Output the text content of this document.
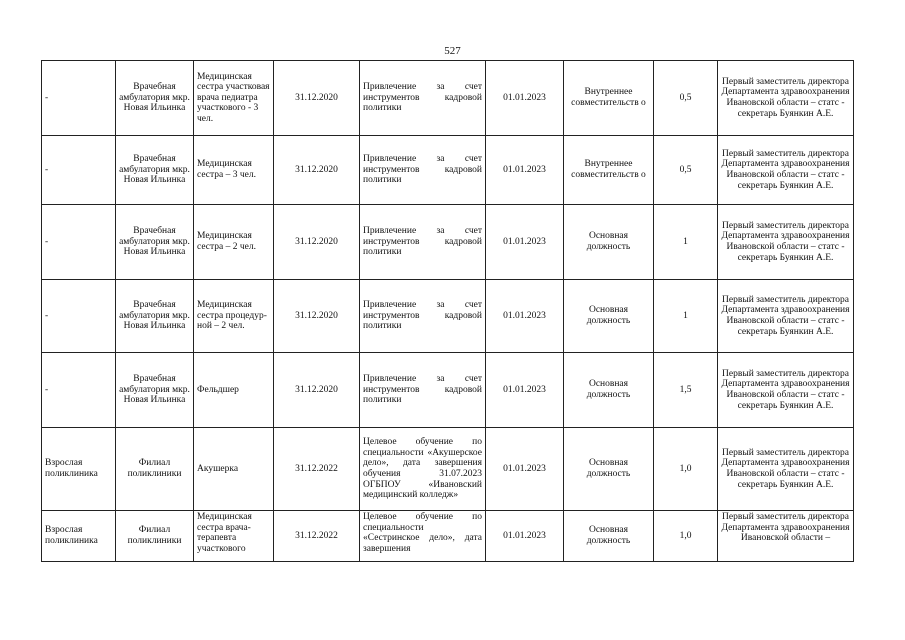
527
-	Врачебная амбулатория мкр. Новая Ильинка	Медицинская сестра участковая врача педиатра участкового - 3 чел.	31.12.2020	Привлечение за счет инструментов кадровой политики	01.01.2023	Внутреннее совместительств о	0,5	Первый заместитель директора Департамента здравоохранения Ивановской области – статс - секретарь Буянкин А.Е.
-	Врачебная амбулатория мкр. Новая Ильинка	Медицинская сестра – 3 чел.	31.12.2020	Привлечение за счет инструментов кадровой политики	01.01.2023	Внутреннее совместительств о	0,5	Первый заместитель директора Департамента здравоохранения Ивановской области – статс - секретарь Буянкин А.Е.
-	Врачебная амбулатория мкр. Новая Ильинка	Медицинская сестра – 2 чел.	31.12.2020	Привлечение за счет инструментов кадровой политики	01.01.2023	Основная должность	1	Первый заместитель директора Департамента здравоохранения Ивановской области – статс - секретарь Буянкин А.Е.
-	Врачебная амбулатория мкр. Новая Ильинка	Медицинская сестра процедур-ной – 2 чел.	31.12.2020	Привлечение за счет инструментов кадровой политики	01.01.2023	Основная должность	1	Первый заместитель директора Департамента здравоохранения Ивановской области – статс - секретарь Буянкин А.Е.
-	Врачебная амбулатория мкр. Новая Ильинка	Фельдшер	31.12.2020	Привлечение за счет инструментов кадровой политики	01.01.2023	Основная должность	1,5	Первый заместитель директора Департамента здравоохранения Ивановской области – статс - секретарь Буянкин А.Е.
Взрослая поликлиника	Филиал поликлиники	Акушерка	31.12.2022	Целевое обучение по специальности «Акушерское дело», дата завершения обучения 31.07.2023 ОГБПОУ «Ивановский медицинский колледж»	01.01.2023	Основная должность	1,0	Первый заместитель директора Департамента здравоохранения Ивановской области – статс - секретарь Буянкин А.Е.
Взрослая поликлиника	Филиал поликлиники	Медицинская сестра врача-терапевта участкового	31.12.2022	Целевое обучение по специальности «Сестринское дело», дата завершения	01.01.2023	Основная должность	1,0	Первый заместитель директора Департамента здравоохранения Ивановской области –
